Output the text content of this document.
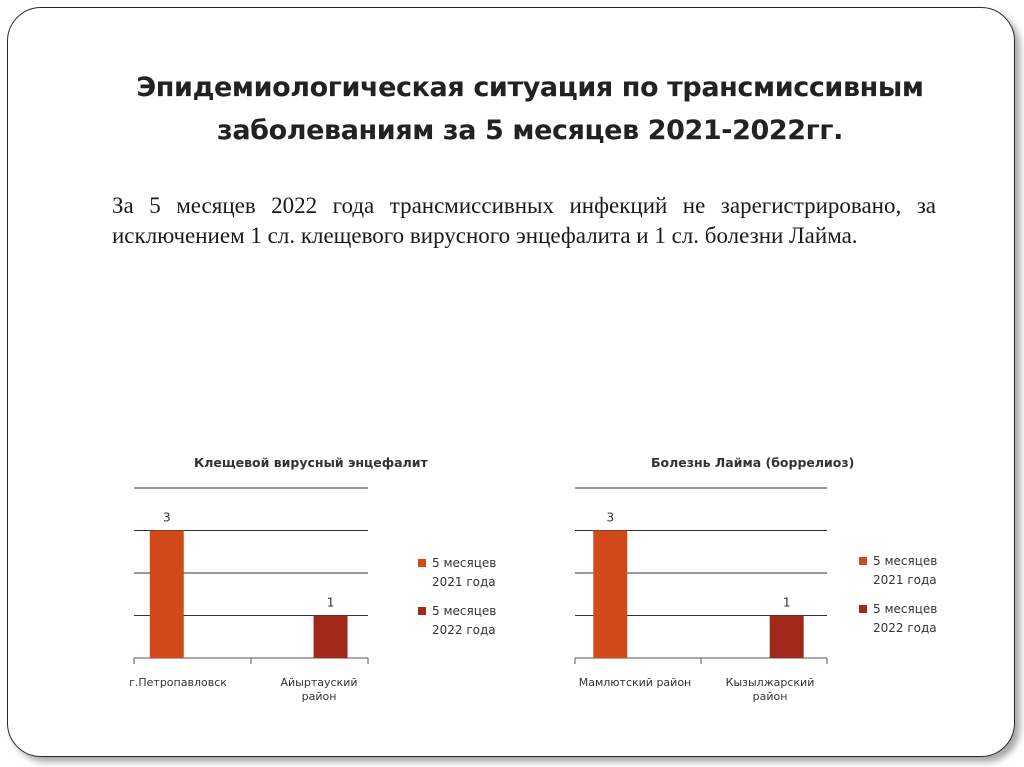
Эпидемиологическая ситуация по трансмиссивным
заболеваниям за 5 месяцев 2021-2022гг.
За 5 месяцев 2022 года трансмиссивных инфекций не зарегистрировано, за исключением 1 сл. клещевого вирусного энцефалита и 1 сл. болезни Лайма.
Клещевой вирусный энцефалит
3
1
г.Петропавловск	Айыртауский район
5 месяцев 2021 года
5 месяцев 2022 года
Болезнь Лайма (боррелиоз)
3
1
Мамлютский район	Кызылжарский район
5 месяцев 2021 года
5 месяцев 2022 года
